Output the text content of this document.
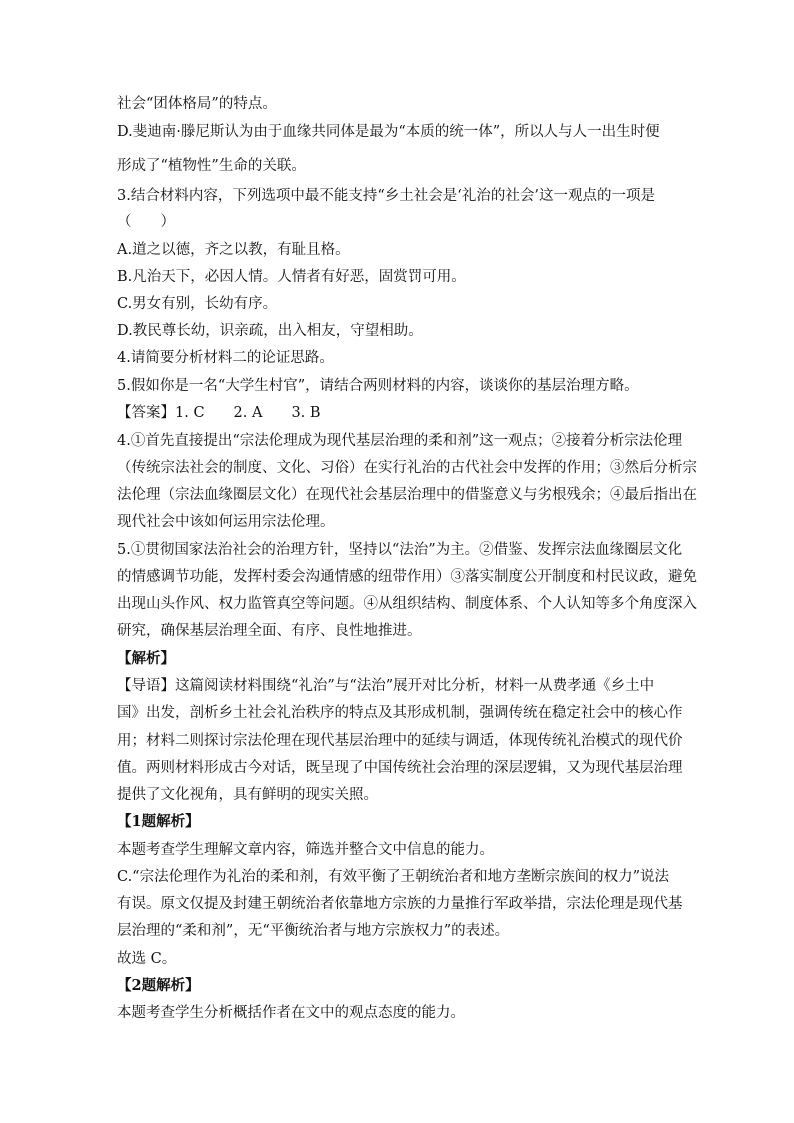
社会“团体格局”的特点。
D.斐迪南·滕尼斯认为由于血缘共同体是最为“本质的统一体”，所以人与人一出生时便
形成了“植物性”生命的关联。
3.结合材料内容，下列选项中最不能支持“乡土社会是‘礼治的社会’这一观点的一项是
（　　）
A.道之以德，齐之以教，有耻且格。
B.凡治天下，必因人情。人情者有好恶，固赏罚可用。
C.男女有别，长幼有序。
D.教民尊长幼，识亲疏，出入相友，守望相助。
4.请简要分析材料二的论证思路。
5.假如你是一名“大学生村官”，请结合两则材料的内容，谈谈你的基层治理方略。
【答案】1. C　　2. A　　3. B
4.①首先直接提出“宗法伦理成为现代基层治理的柔和剂”这一观点；②接着分析宗法伦理
（传统宗法社会的制度、文化、习俗）在实行礼治的古代社会中发挥的作用；③然后分析宗
法伦理（宗法血缘圈层文化）在现代社会基层治理中的借鉴意义与劣根残余；④最后指出在
现代社会中该如何运用宗法伦理。
5.①贯彻国家法治社会的治理方针，坚持以“法治”为主。②借鉴、发挥宗法血缘圈层文化
的情感调节功能，发挥村委会沟通情感的纽带作用）③落实制度公开制度和村民议政，避免
出现山头作风、权力监管真空等问题。④从组织结构、制度体系、个人认知等多个角度深入
研究，确保基层治理全面、有序、良性地推进。
【解析】
【导语】这篇阅读材料围绕“礼治”与“法治”展开对比分析，材料一从费孝通《乡土中
国》出发，剖析乡土社会礼治秩序的特点及其形成机制，强调传统在稳定社会中的核心作
用；材料二则探讨宗法伦理在现代基层治理中的延续与调适，体现传统礼治模式的现代价
值。两则材料形成古今对话，既呈现了中国传统社会治理的深层逻辑，又为现代基层治理
提供了文化视角，具有鲜明的现实关照。
【1题解析】
本题考查学生理解文章内容，筛选并整合文中信息的能力。
C.“宗法伦理作为礼治的柔和剂，有效平衡了王朝统治者和地方垄断宗族间的权力”说法
有误。原文仅提及封建王朝统治者依靠地方宗族的力量推行军政举措，宗法伦理是现代基
层治理的“柔和剂”，无“平衡统治者与地方宗族权力”的表述。
故选 C。
【2题解析】
本题考查学生分析概括作者在文中的观点态度的能力。
